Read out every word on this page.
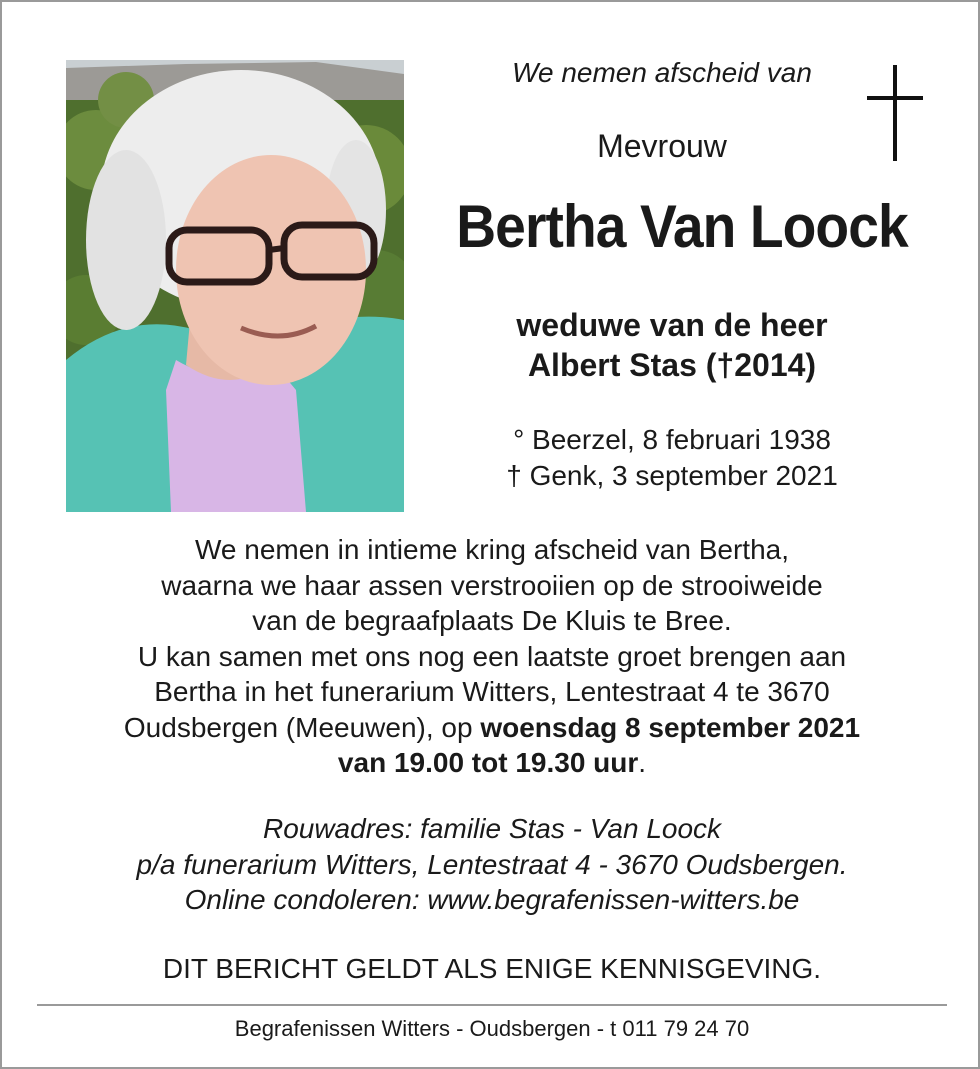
We nemen afscheid van
Mevrouw
Bertha Van Loock
weduwe van de heer
Albert Stas (†2014)
° Beerzel, 8 februari 1938
† Genk, 3 september 2021
We nemen in intieme kring afscheid van Bertha,
waarna we haar assen verstrooiien op de strooiweide
van de begraafplaats De Kluis te Bree.
U kan samen met ons nog een laatste groet brengen aan
Bertha in het funerarium Witters, Lentestraat 4 te 3670
Oudsbergen (Meeuwen), op woensdag 8 september 2021
van 19.00 tot 19.30 uur.
Rouwadres: familie Stas - Van Loock
p/a funerarium Witters, Lentestraat 4 - 3670 Oudsbergen.
Online condoleren: www.begrafenissen-witters.be
DIT BERICHT GELDT ALS ENIGE KENNISGEVING.
Begrafenissen Witters - Oudsbergen - t 011 79 24 70
